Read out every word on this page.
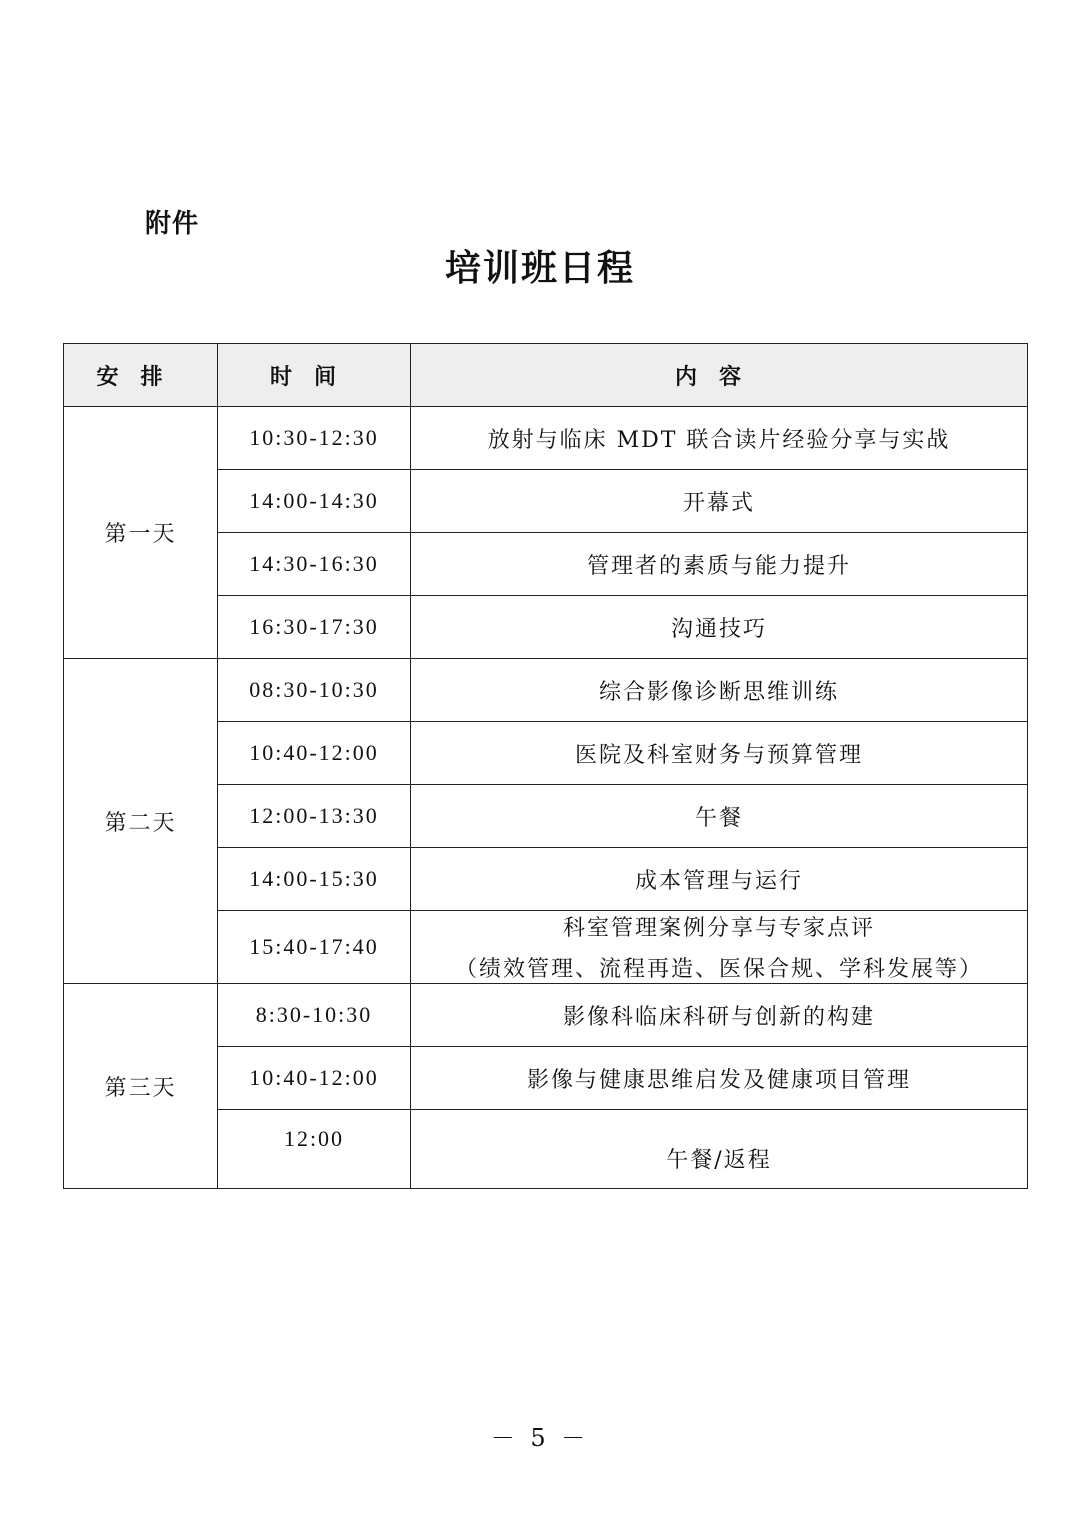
附件
培训班日程
安排	时间	内容
第一天	10:30-12:30	放射与临床 MDT 联合读片经验分享与实战
	14:00-14:30	开幕式
	14:30-16:30	管理者的素质与能力提升
	16:30-17:30	沟通技巧
第二天	08:30-10:30	综合影像诊断思维训练
	10:40-12:00	医院及科室财务与预算管理
	12:00-13:30	午餐
	14:00-15:30	成本管理与运行
	15:40-17:40	科室管理案例分享与专家点评
（绩效管理、流程再造、医保合规、学科发展等）

第三天	8:30-10:30	影像科临床科研与创新的构建
	10:40-12:00	影像与健康思维启发及健康项目管理
	12:00	午餐/返程
－ 5 －
